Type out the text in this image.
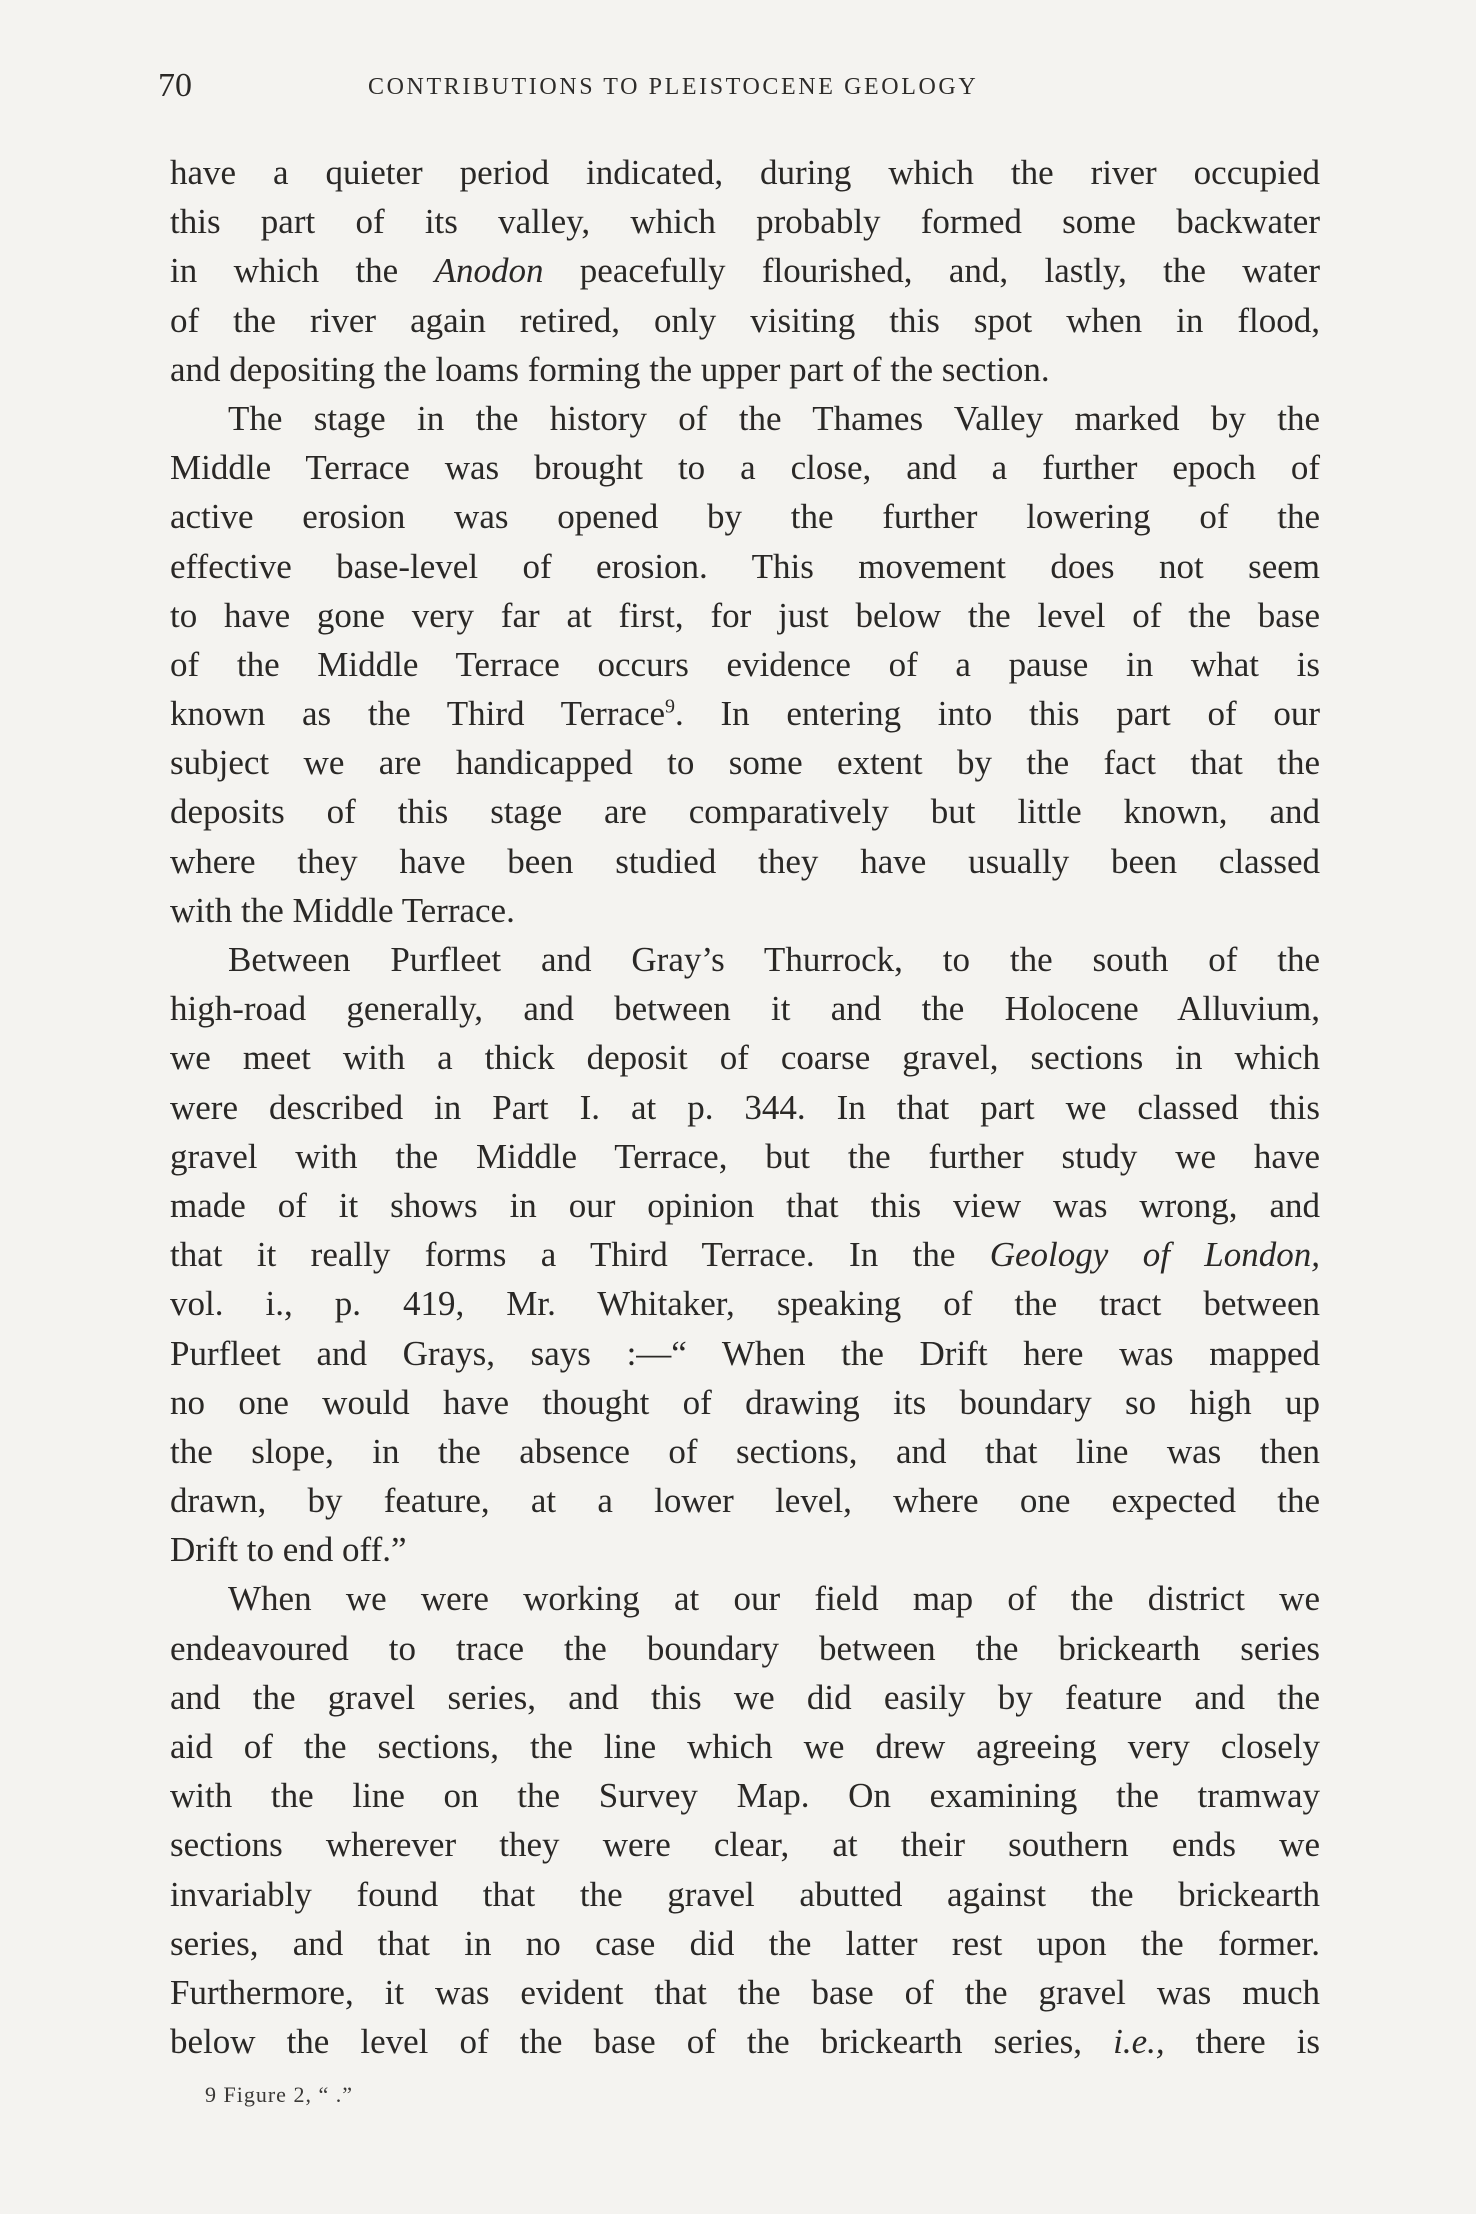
70	CONTRIBUTIONS TO PLEISTOCENE GEOLOGY
have a quieter period indicated, during which the river occupied
this part of its valley, which probably formed some backwater
in which the Anodon peacefully flourished, and, lastly, the water
of the river again retired, only visiting this spot when in flood,
and depositing the loams forming the upper part of the section.
The stage in the history of the Thames Valley marked by the
Middle Terrace was brought to a close, and a further epoch of
active erosion was opened by the further lowering of the
effective base-level of erosion. This movement does not seem
to have gone very far at first, for just below the level of the base
of the Middle Terrace occurs evidence of a pause in what is
known as the Third Terrace$^9$. In entering into this part of our
subject we are handicapped to some extent by the fact that the
deposits of this stage are comparatively but little known, and
where they have been studied they have usually been classed
with the Middle Terrace.
Between Purfleet and Gray’s Thurrock, to the south of the
high-road generally, and between it and the Holocene Alluvium,
we meet with a thick deposit of coarse gravel, sections in which
were described in Part I. at p. 344. In that part we classed this
gravel with the Middle Terrace, but the further study we have
made of it shows in our opinion that this view was wrong, and
that it really forms a Third Terrace. In the Geology of London,
vol. i., p. 419, Mr. Whitaker, speaking of the tract between
Purfleet and Grays, says :—“ When the Drift here was mapped
no one would have thought of drawing its boundary so high up
the slope, in the absence of sections, and that line was then
drawn, by feature, at a lower level, where one expected the
Drift to end off.”
When we were working at our field map of the district we
endeavoured to trace the boundary between the brickearth series
and the gravel series, and this we did easily by feature and the
aid of the sections, the line which we drew agreeing very closely
with the line on the Survey Map. On examining the tramway
sections wherever they were clear, at their southern ends we
invariably found that the gravel abutted against the brickearth
series, and that in no case did the latter rest upon the former.
Furthermore, it was evident that the base of the gravel was much
below the level of the base of the brickearth series, i.e., there is
9 Figure 2, “ .”
